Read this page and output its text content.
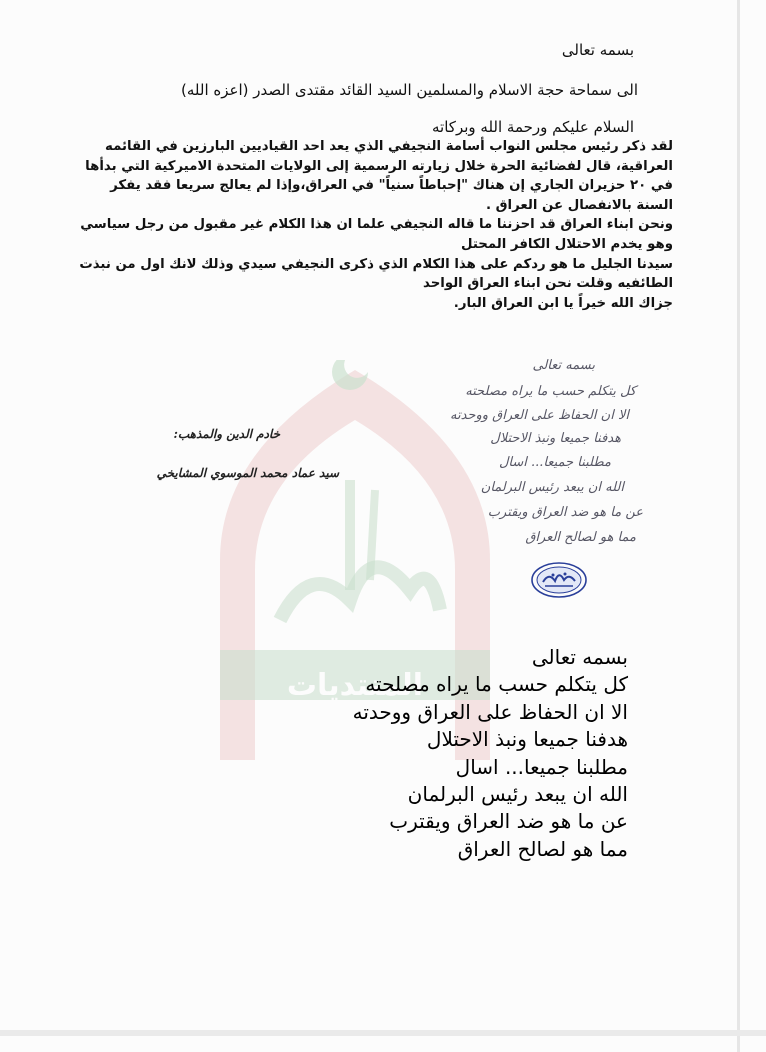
المنتديات
بسمه تعالى
الى سماحة حجة الاسلام والمسلمين السيد القائد مقتدى الصدر (اعزه الله)
السلام عليكم ورحمة الله وبركاته
لقد ذكر رئيس مجلس النواب أسامة النجيفي الذي يعد احد القياديين البارزين في القائمه
العراقية، قال لفضائية الحرة خلال زيارته الرسمية إلى الولايات المتحدة الاميركية التي بدأها
في ٢٠ حزيران الجاري إن هناك "إحباطاً سنياً" في العراق،وإذا لم يعالج سريعا فقد يفكر
السنة بالانفصال عن العراق .
ونحن ابناء العراق قد احزننا ما قاله النجيفي علما ان هذا الكلام غير مقبول من رجل سياسي
وهو يخدم الاحتلال الكافر المحتل
سيدنا الجليل ما هو ردكم على هذا الكلام الذي ذكرى النجيفي سيدي وذلك لانك اول من نبذت
الطائفيه وقلت نحن ابناء العراق الواحد
جزاك الله خيراً يا ابن العراق البار.
خادم الدين والمذهب:
سيد عماد محمد الموسوي المشايخي
بسمه تعالى
كل يتكلم حسب ما يراه مصلحته
الا ان الحفاظ على العراق ووحدته
هدفنا جميعا ونبذ الاحتلال
مطلبنا جميعا... اسال
الله ان يبعد رئيس البرلمان
عن ما هو ضد العراق ويقترب
مما هو لصالح العراق
بسمه تعالى
كل يتكلم حسب ما يراه مصلحته
الا ان الحفاظ على العراق ووحدته
هدفنا جميعا ونبذ الاحتلال
مطلبنا جميعا... اسال
الله ان يبعد رئيس البرلمان
عن ما هو ضد العراق ويقترب
مما هو لصالح العراق
